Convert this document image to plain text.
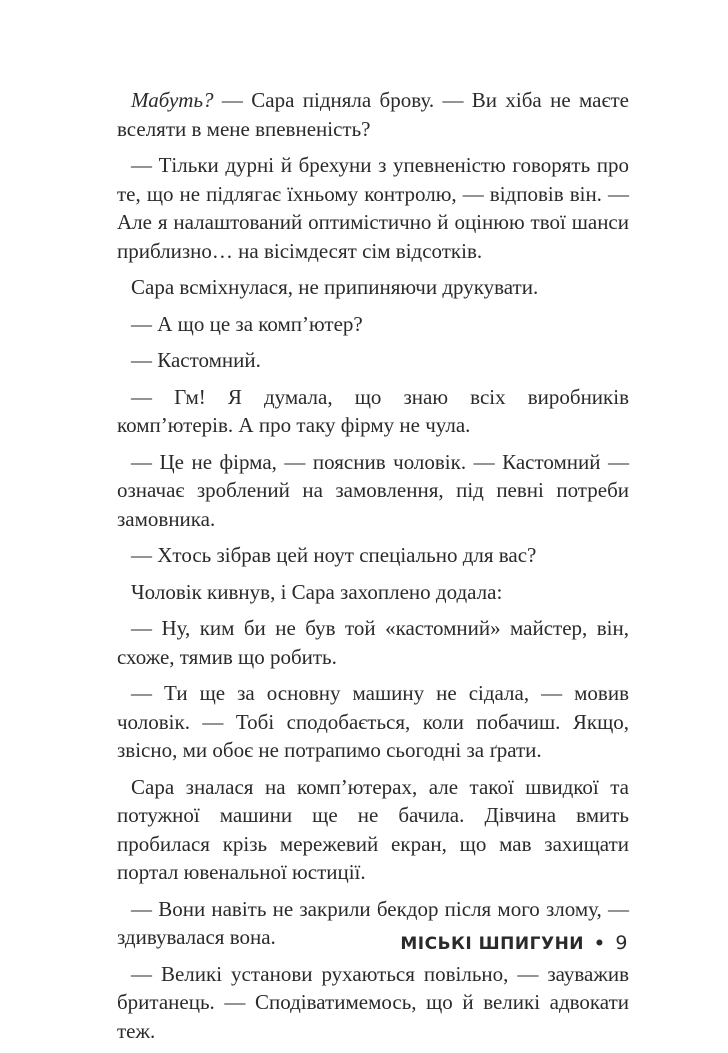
Мабуть? — Сара підняла брову. — Ви хіба не маєте вселяти в мене впевненість?

— Тільки дурні й брехуни з упевненістю говорять про те, що не підлягає їхньому контролю, — відповів він. — Але я налаштований оптимістично й оцінюю твої шанси приблизно… на вісімдесят сім відсотків.

Сара всміхнулася, не припиняючи друкувати.

— А що це за комп’ютер?

— Кастомний.

— Гм! Я думала, що знаю всіх виробників комп’ютерів. А про таку фірму не чула.

— Це не фірма, — пояснив чоловік. — Кастомний — означає зроблений на замовлення, під певні потреби замовника.

— Хтось зібрав цей ноут спеціально для вас?

Чоловік кивнув, і Сара захоплено додала:

— Ну, ким би не був той «кастомний» майстер, він, схоже, тямив що робить.

— Ти ще за основну машину не сідала, — мовив чоловік. — Тобі сподобається, коли побачиш. Якщо, звісно, ми обоє не потрапимо сьогодні за ґрати.

Сара зналася на комп’ютерах, але такої швидкої та потужної машини ще не бачила. Дівчина вмить пробилася крізь мережевий екран, що мав захищати портал ювенальної юстиції.

— Вони навіть не закрили бекдор після мого злому, — здивувалася вона.

— Великі установи рухаються повільно, — зауважив британець. — Сподіватимемось, що й великі адвокати теж.

МІСЬКІ ШПИГУНИ • 9
